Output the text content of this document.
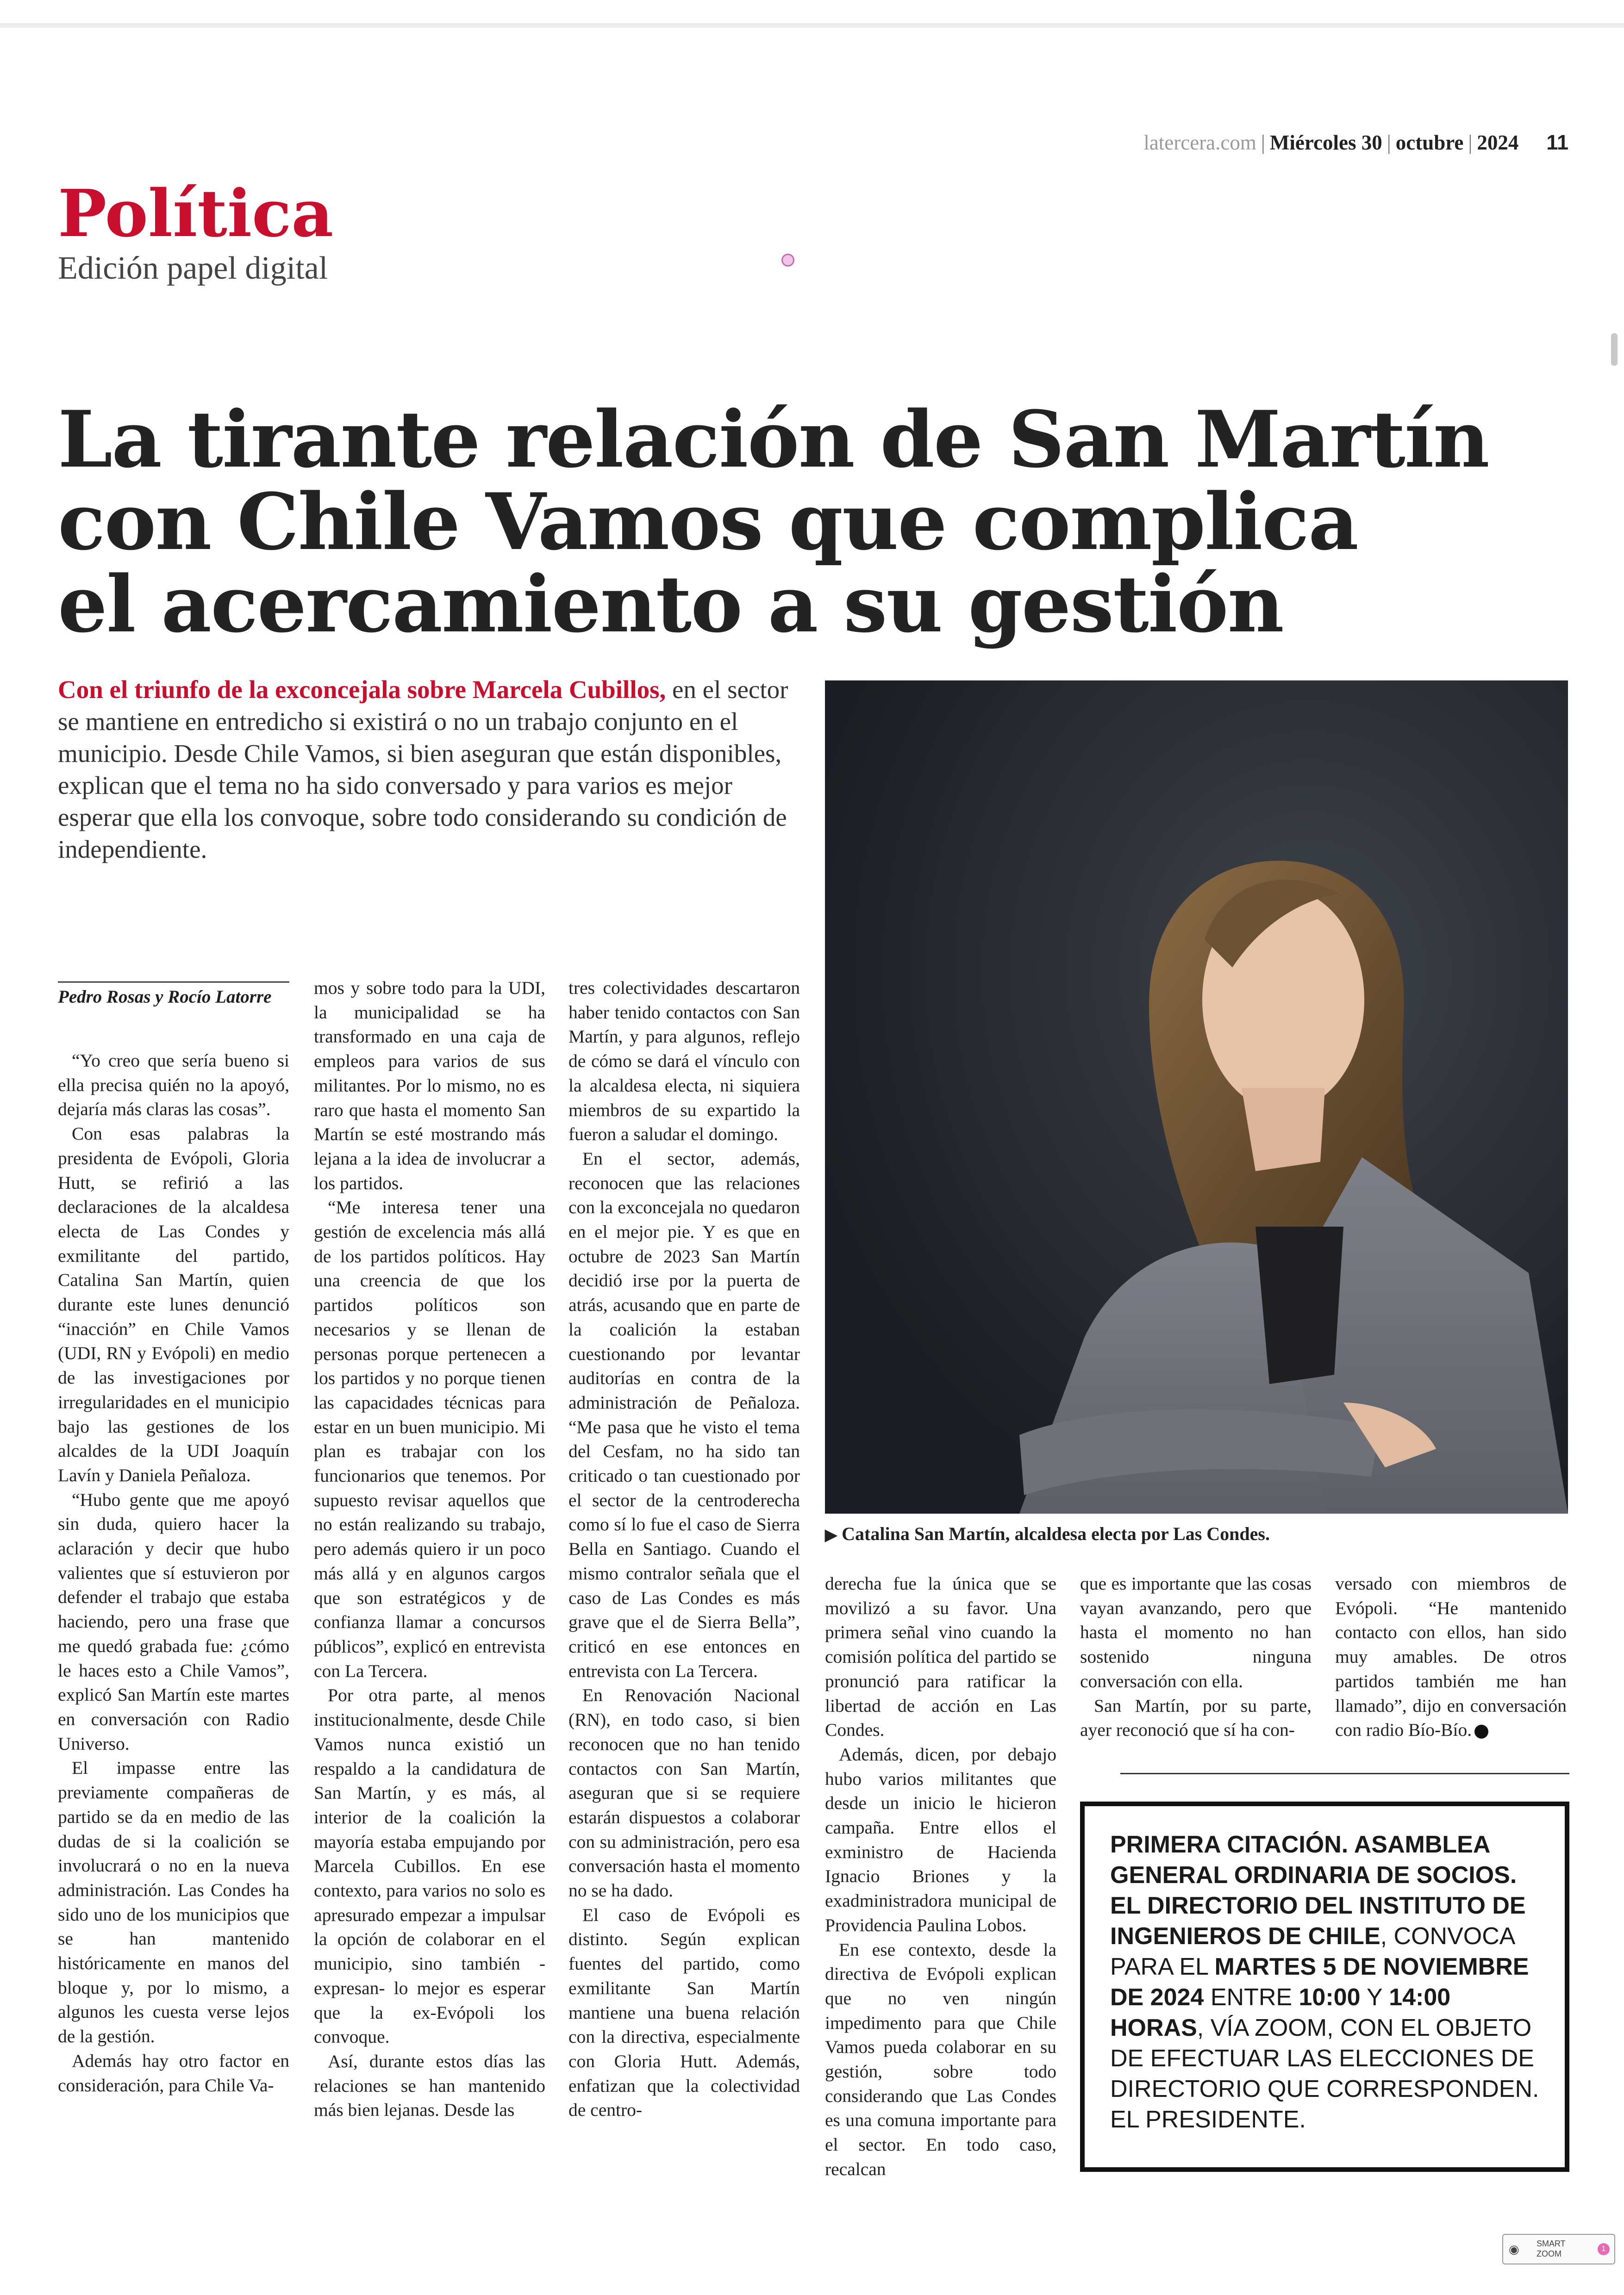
latercera.com | Miércoles 30 | octubre | 2024 11
Política
Edición papel digital
La tirante relación de San Martín
con Chile Vamos que complica
el acercamiento a su gestión
Con el triunfo de la exconcejala sobre Marcela Cubillos, en el sector se mantiene en entredicho si existirá o no un trabajo conjunto en el municipio. Desde Chile Vamos, si bien aseguran que están disponibles, explican que el tema no ha sido conversado y para varios es mejor esperar que ella los convoque, sobre todo considerando su condición de independiente.
▶ Catalina San Martín, alcaldesa electa por Las Condes.
Pedro Rosas y Rocío Latorre

“Yo creo que sería bueno si ella precisa quién no la apoyó, dejaría más claras las cosas”.

Con esas palabras la presidenta de Evópoli, Gloria Hutt, se refirió a las declaraciones de la alcaldesa electa de Las Condes y exmilitante del partido, Catalina San Martín, quien durante este lunes denunció “inacción” en Chile Vamos (UDI, RN y Evópoli) en medio de las investigaciones por irregularidades en el municipio bajo las gestiones de los alcaldes de la UDI Joaquín Lavín y Daniela Peñaloza.

“Hubo gente que me apoyó sin duda, quiero hacer la aclaración y decir que hubo valientes que sí estuvieron por defender el trabajo que estaba haciendo, pero una frase que me quedó grabada fue: ¿cómo le haces esto a Chile Vamos”, explicó San Martín este martes en conversación con Radio Universo.

El impasse entre las previamente compañeras de partido se da en medio de las dudas de si la coalición se involucrará o no en la nueva administración. Las Condes ha sido uno de los municipios que se han mantenido históricamente en manos del bloque y, por lo mismo, a algunos les cuesta verse lejos de la gestión.

Además hay otro factor en consideración, para Chile Va-

mos y sobre todo para la UDI, la municipalidad se ha transformado en una caja de empleos para varios de sus militantes. Por lo mismo, no es raro que hasta el momento San Martín se esté mostrando más lejana a la idea de involucrar a los partidos.

“Me interesa tener una gestión de excelencia más allá de los partidos políticos. Hay una creencia de que los partidos políticos son necesarios y se llenan de personas porque pertenecen a los partidos y no porque tienen las capacidades técnicas para estar en un buen municipio. Mi plan es trabajar con los funcionarios que tenemos. Por supuesto revisar aquellos que no están realizando su trabajo, pero además quiero ir un poco más allá y en algunos cargos que son estratégicos y de confianza llamar a concursos públicos”, explicó en entrevista con La Tercera.

Por otra parte, al menos institucionalmente, desde Chile Vamos nunca existió un respaldo a la candidatura de San Martín, y es más, al interior de la coalición la mayoría estaba empujando por Marcela Cubillos. En ese contexto, para varios no solo es apresurado empezar a impulsar la opción de colaborar en el municipio, sino también -expresan- lo mejor es esperar que la ex-Evópoli los convoque.

Así, durante estos días las relaciones se han mantenido más bien lejanas. Desde las

tres colectividades descartaron haber tenido contactos con San Martín, y para algunos, reflejo de cómo se dará el vínculo con la alcaldesa electa, ni siquiera miembros de su expartido la fueron a saludar el domingo.

En el sector, además, reconocen que las relaciones con la exconcejala no quedaron en el mejor pie. Y es que en octubre de 2023 San Martín decidió irse por la puerta de atrás, acusando que en parte de la coalición la estaban cuestionando por levantar auditorías en contra de la administración de Peñaloza. “Me pasa que he visto el tema del Cesfam, no ha sido tan criticado o tan cuestionado por el sector de la centroderecha como sí lo fue el caso de Sierra Bella en Santiago. Cuando el mismo contralor señala que el caso de Las Condes es más grave que el de Sierra Bella”, criticó en ese entonces en entrevista con La Tercera.

En Renovación Nacional (RN), en todo caso, si bien reconocen que no han tenido contactos con San Martín, aseguran que si se requiere estarán dispuestos a colaborar con su administración, pero esa conversación hasta el momento no se ha dado.

El caso de Evópoli es distinto. Según explican fuentes del partido, como exmilitante San Martín mantiene una buena relación con la directiva, especialmente con Gloria Hutt. Además, enfatizan que la colectividad de centro-

derecha fue la única que se movilizó a su favor. Una primera señal vino cuando la comisión política del partido se pronunció para ratificar la libertad de acción en Las Condes.

Además, dicen, por debajo hubo varios militantes que desde un inicio le hicieron campaña. Entre ellos el exministro de Hacienda Ignacio Briones y la exadministradora municipal de Providencia Paulina Lobos.

En ese contexto, desde la directiva de Evópoli explican que no ven ningún impedimento para que Chile Vamos pueda colaborar en su gestión, sobre todo considerando que Las Condes es una comuna importante para el sector. En todo caso, recalcan

que es importante que las cosas vayan avanzando, pero que hasta el momento no han sostenido ninguna conversación con ella.

San Martín, por su parte, ayer reconoció que sí ha con-

versado con miembros de Evópoli. “He mantenido contacto con ellos, han sido muy amables. De otros partidos también me han llamado”, dijo en conversación con radio Bío-Bío.

PRIMERA CITACIÓN. ASAMBLEA GENERAL ORDINARIA DE SOCIOS. EL DIRECTORIO DEL INSTITUTO DE INGENIEROS DE CHILE, CONVOCA PARA EL MARTES 5 DE NOVIEMBRE DE 2024 ENTRE 10:00 Y 14:00 HORAS, VÍA ZOOM, CON EL OBJETO DE EFECTUAR LAS ELECCIONES DE DIRECTORIO QUE CORRESPONDEN. EL PRESIDENTE.
◉ SMART
ZOOM
1
